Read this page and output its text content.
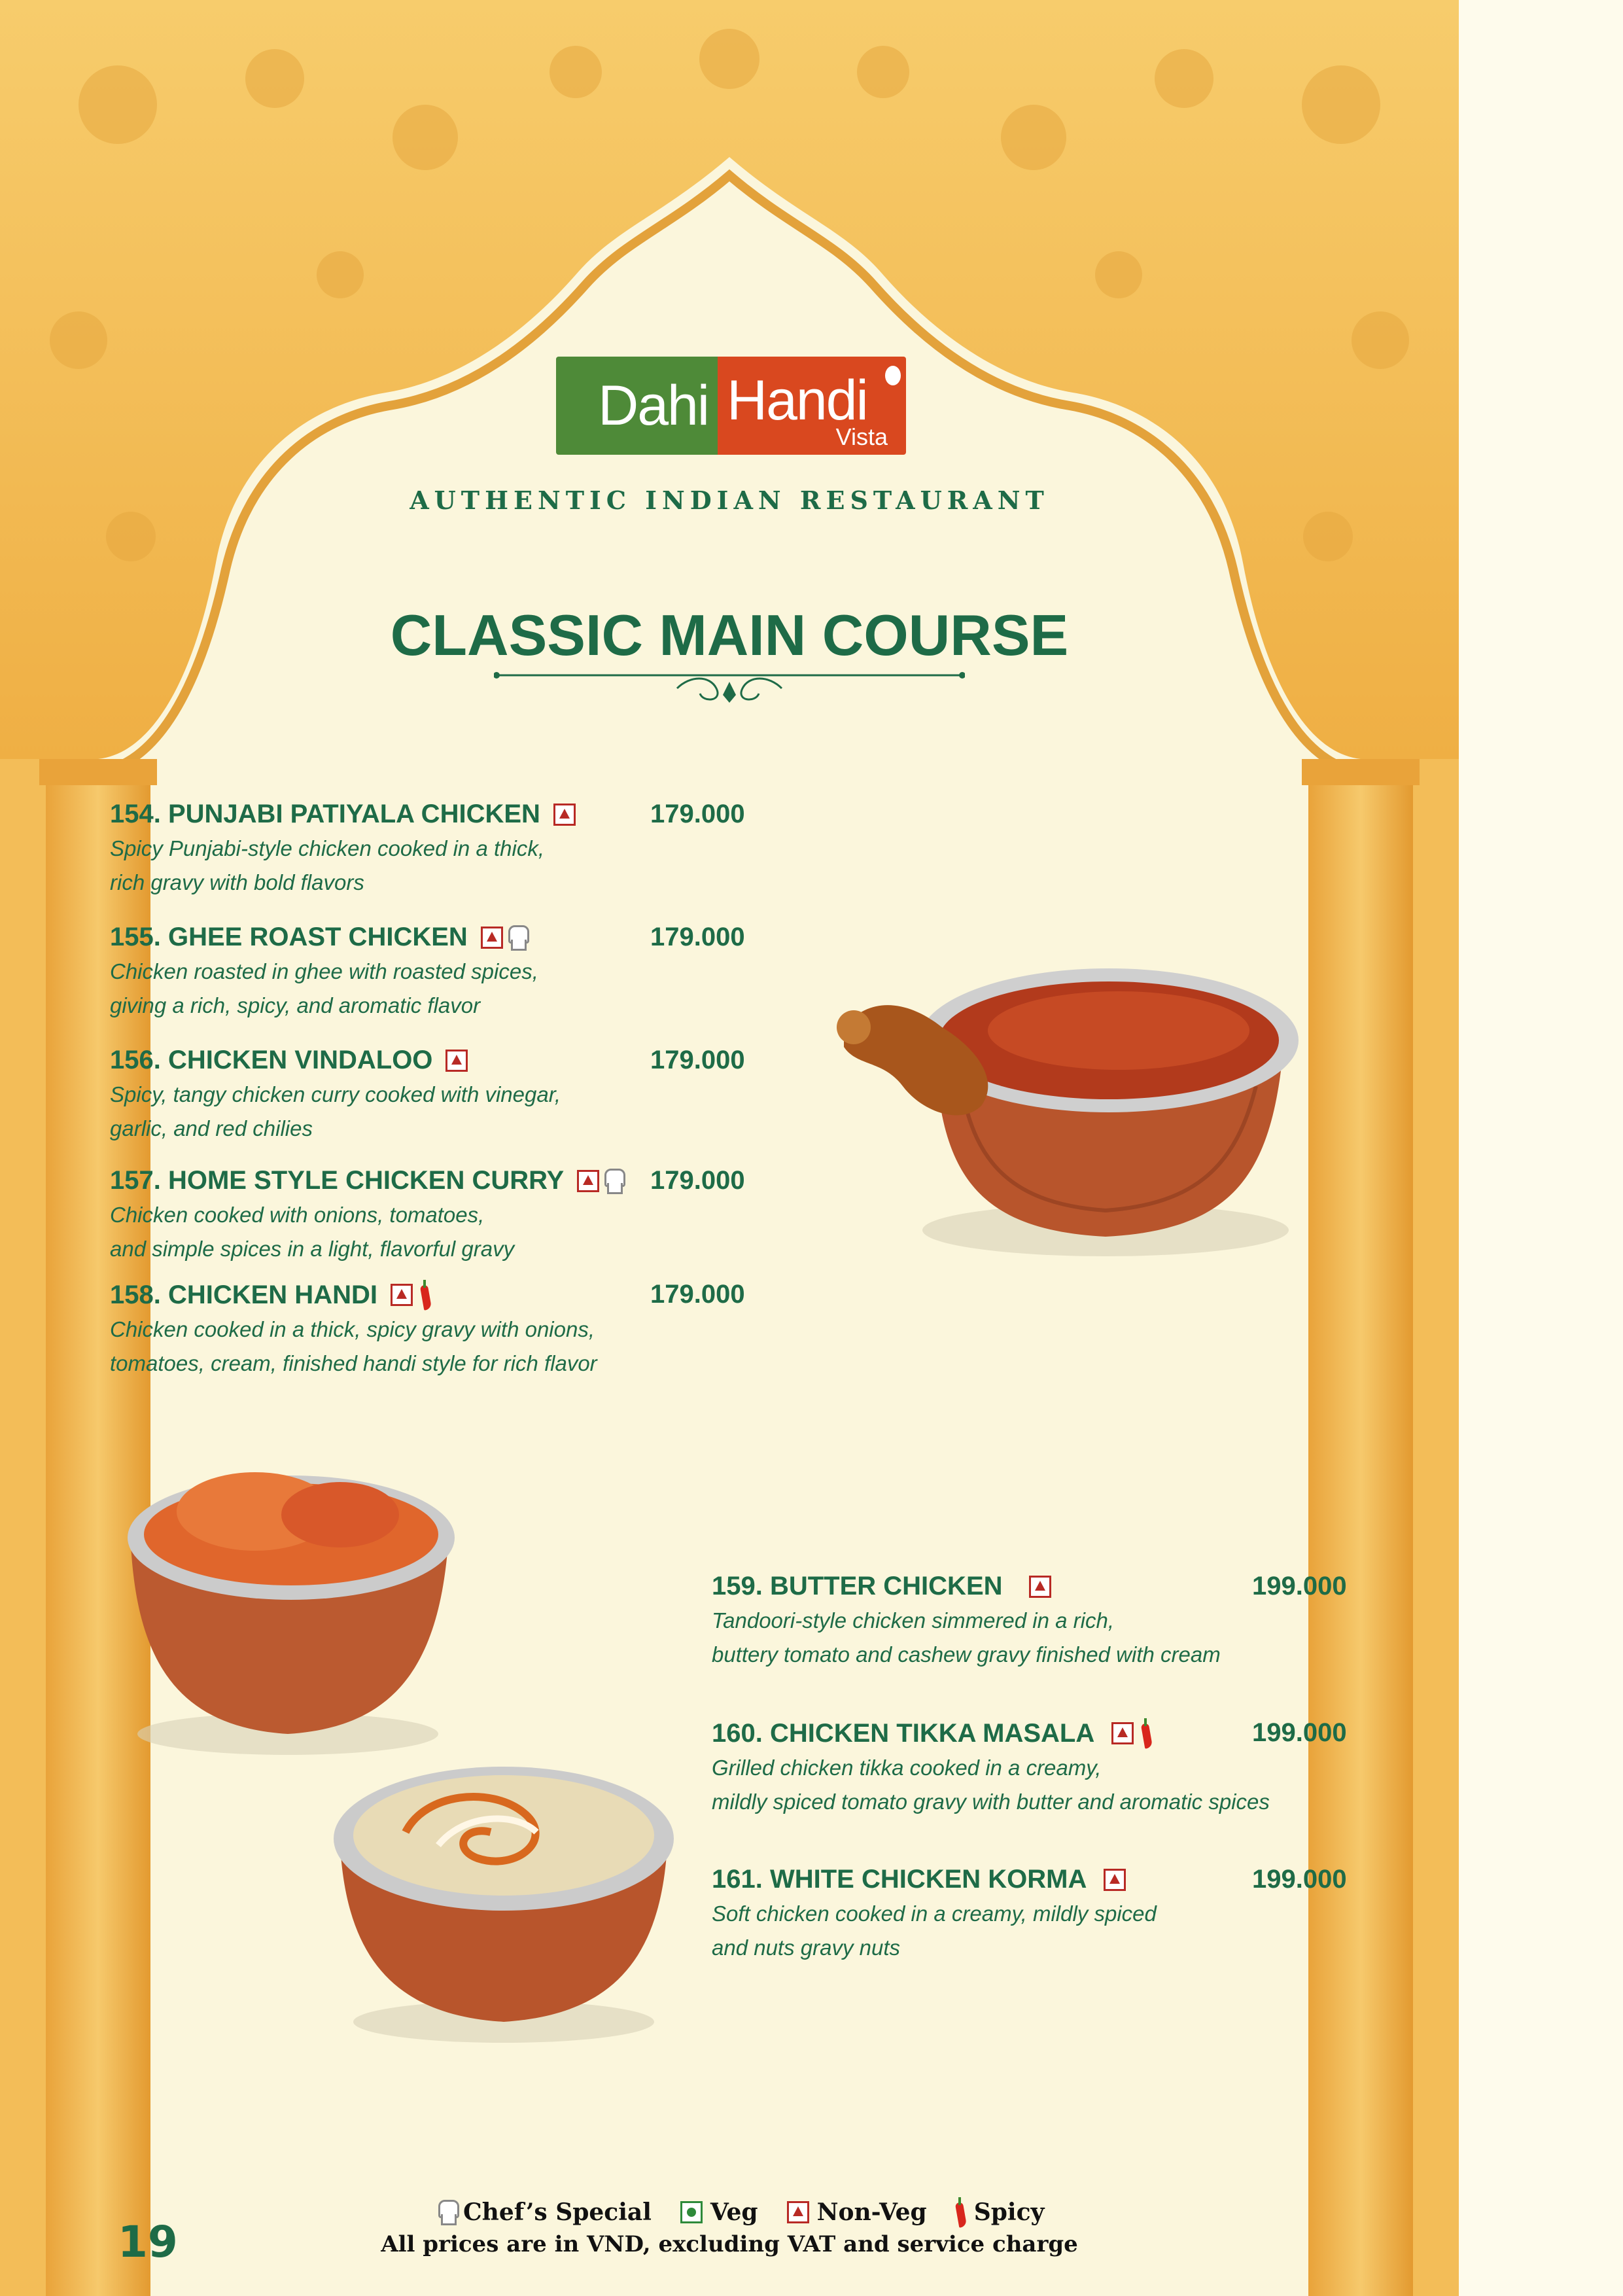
Dahi Handi
Vista
AUTHENTIC INDIAN RESTAURANT
CLASSIC MAIN COURSE
154. PUNJABI PATIYALA CHICKEN
Spicy Punjabi-style chicken cooked in a thick,
rich gravy with bold flavors
179.000
155. GHEE ROAST CHICKEN
Chicken roasted in ghee with roasted spices,
giving a rich, spicy, and aromatic flavor
179.000
156. CHICKEN VINDALOO
Spicy, tangy chicken curry cooked with vinegar,
garlic, and red chilies
179.000
157. HOME STYLE CHICKEN CURRY
Chicken cooked with onions, tomatoes,
and simple spices in a light, flavorful gravy
179.000
158. CHICKEN HANDI
Chicken cooked in a thick, spicy gravy with onions,
tomatoes, cream, finished handi style for rich flavor
179.000
159. BUTTER CHICKEN
Tandoori-style chicken simmered in a rich,
buttery tomato and cashew gravy finished with cream
199.000
160. CHICKEN TIKKA MASALA
Grilled chicken tikka cooked in a creamy,
mildly spiced tomato gravy with butter and aromatic spices
199.000
161. WHITE CHICKEN KORMA
Soft chicken cooked in a creamy, mildly spiced
and nuts gravy nuts
199.000
Chef’s Special	Veg	Non-Veg Spicy
All prices are in VND, excluding VAT and service charge
19
